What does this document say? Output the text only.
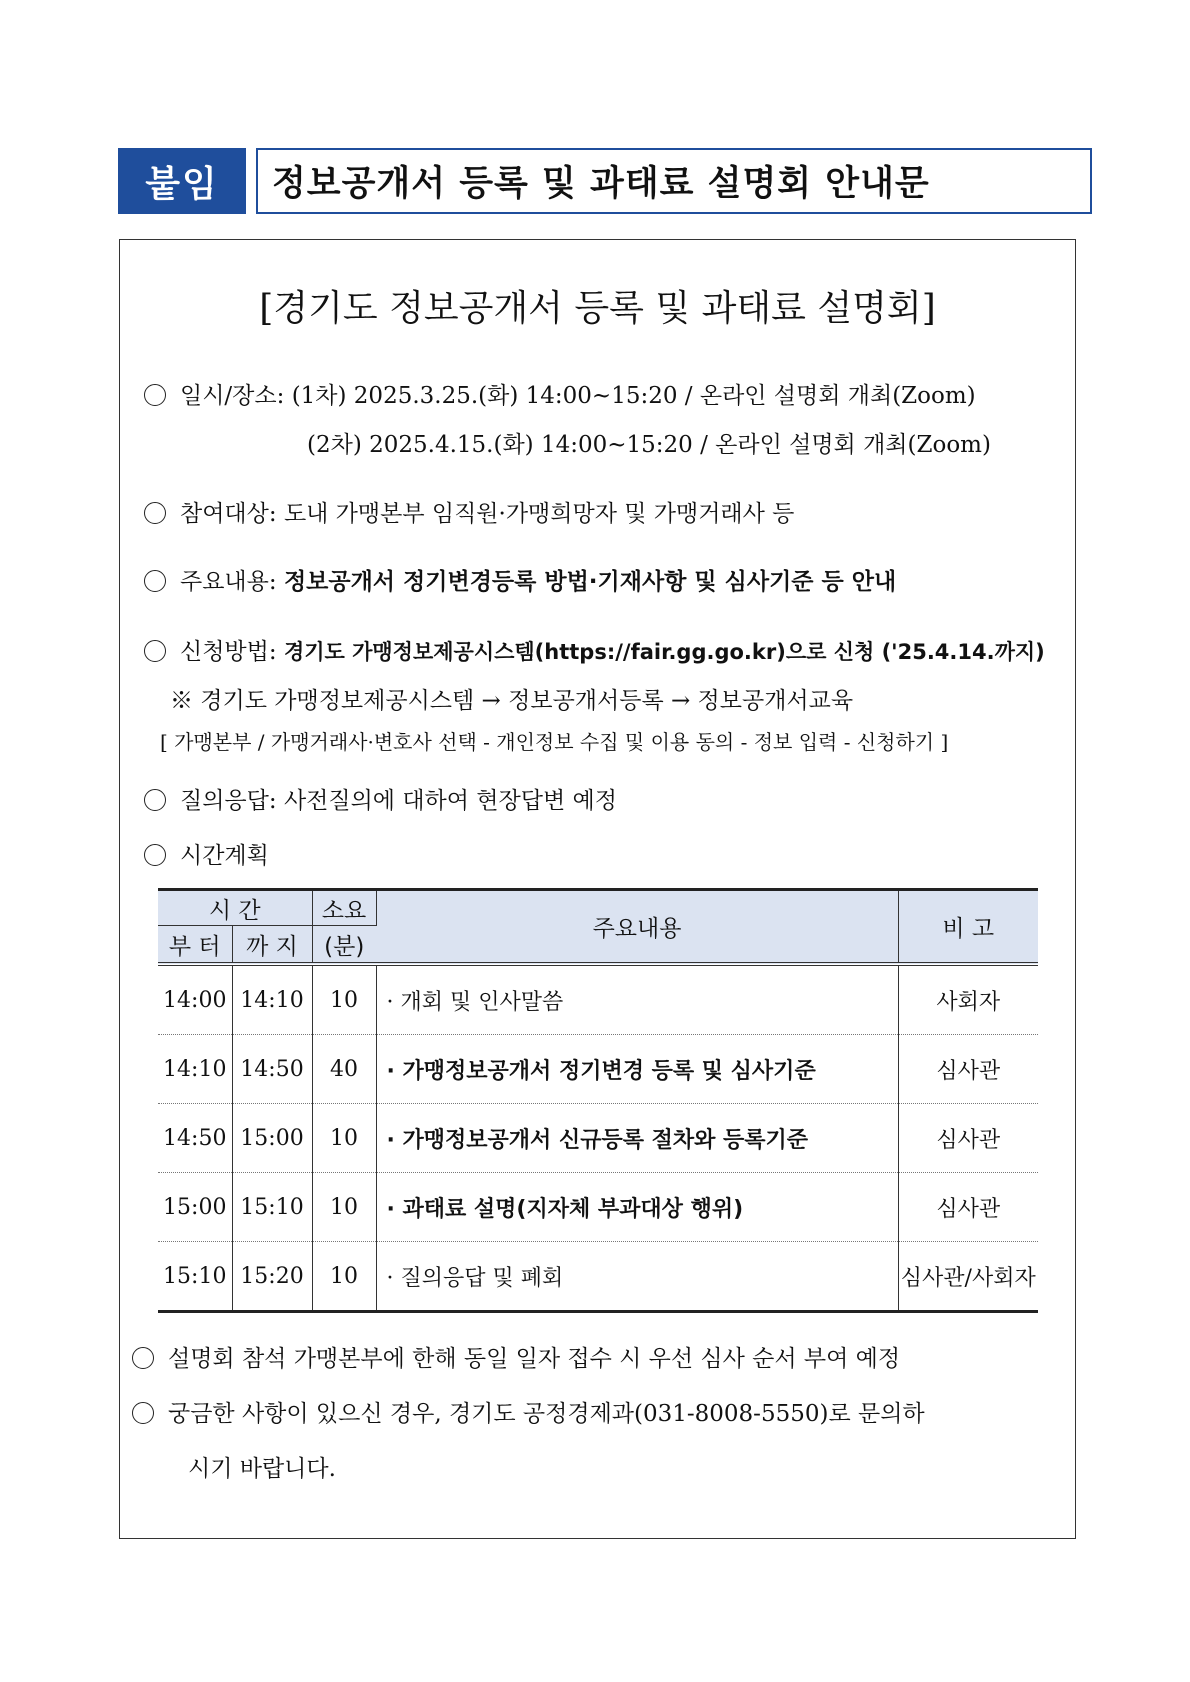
붙임	정보공개서 등록 및 과태료 설명회 안내문
[경기도 정보공개서 등록 및 과태료 설명회]
일시/장소: (1차) 2025.3.25.(화) 14:00~15:20 / 온라인 설명회 개최(Zoom)
(2차) 2025.4.15.(화) 14:00~15:20 / 온라인 설명회 개최(Zoom)
참여대상: 도내 가맹본부 임직원·가맹희망자 및 가맹거래사 등
주요내용: 정보공개서 정기변경등록 방법·기재사항 및 심사기준 등 안내
신청방법: 경기도 가맹정보제공시스템(https://fair.gg.go.kr)으로 신청 ('25.4.14.까지)
※ 경기도 가맹정보제공시스템 → 정보공개서등록 → 정보공개서교육
[ 가맹본부 / 가맹거래사·변호사 선택 - 개인정보 수집 및 이용 동의 - 정보 입력 - 신청하기 ]
질의응답: 사전질의에 대하여 현장답변 예정
시간계획
시 간		소요	주요내용	비 고
부 터	까 지	(분)		
14:00	14:10	10	· 개회 및 인사말씀	사회자
14:10	14:50	40	· 가맹정보공개서 정기변경 등록 및 심사기준	심사관
14:50	15:00	10	· 가맹정보공개서 신규등록 절차와 등록기준	심사관
15:00	15:10	10	· 과태료 설명(지자체 부과대상 행위)	심사관
15:10	15:20	10	· 질의응답 및 폐회	심사관/사회자
설명회 참석 가맹본부에 한해 동일 일자 접수 시 우선 심사 순서 부여 예정
궁금한 사항이 있으신 경우, 경기도 공정경제과(031-8008-5550)로 문의하
시기 바랍니다.
